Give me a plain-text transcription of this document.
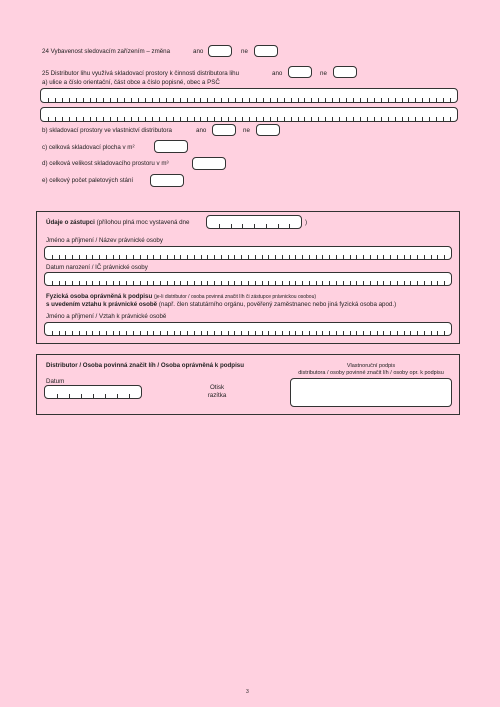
24 Vybavenost sledovacím zařízením – změna	ano	ne
25 Distributor lihu využívá skladovací prostory k činnosti distributora lihu	ano	ne
a) ulice a číslo orientační, část obce a číslo popisné, obec a PSČ
b) skladovací prostory ve vlastnictví distributora	ano	ne
c) celková skladovací plocha v m²
d) celková velikost skladovacího prostoru v m³
e) celkový počet paletových stání
Údaje o zástupci (přílohou plná moc vystavená dne	)
Jméno a příjmení / Název právnické osoby
Datum narození / IČ právnické osoby
Fyzická osoba oprávněná k podpisu (je-li distributor / osoba povinná značit líh či zástupce právnickou osobou)
s uvedením vztahu k právnické osobě (např. člen statutárního orgánu, pověřený zaměstnanec nebo jiná fyzická osoba apod.)
Jméno a příjmení / Vztah k právnické osobě
Distributor / Osoba povinná značit líh / Osoba oprávněná k podpisu
Datum
Otisk
razítka
Vlastnoruční podpis
distributora / osoby povinné značit líh / osoby opr. k podpisu
3
